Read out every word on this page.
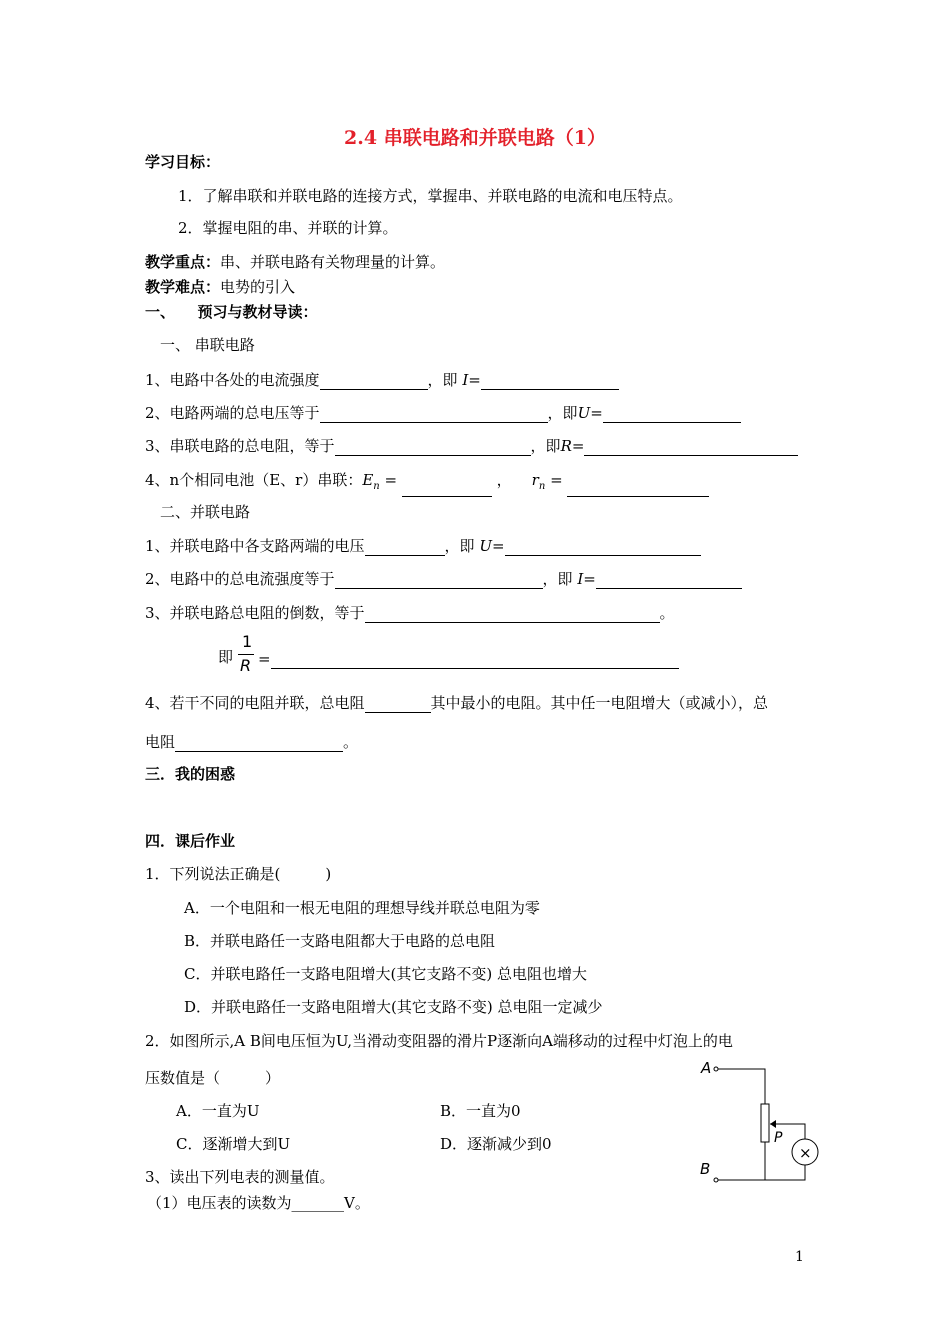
2.4 串联电路和并联电路（1）
学习目标：
1．了解串联和并联电路的连接方式，掌握串、并联电路的电流和电压特点。
2．掌握电阻的串、并联的计算。
教学重点：串、并联电路有关物理量的计算。
教学难点：电势的引入
一、　　预习与教材导读：
一、 串联电路
1、电路中各处的电流强度	，即 I=
2、电路两端的总电压等于	，即U=
3、串联电路的总电阻，等于	，即R=
4、n个相同电池（E、r）串联：$E_n$ =	， $r_n$ =
二、并联电路
1、并联电路中各支路两端的电压	，即 U=
2、电路中的总电流强度等于	，即 I=
3、并联电路总电阻的倒数，等于	。
即
1
R =
4、若干不同的电阻并联，总电阻	其中最小的电阻。其中任一电阻增大（或减小），总
电阻	。
三．我的困惑
四．课后作业
1．下列说法正确是(　　　)
A．一个电阻和一根无电阻的理想导线并联总电阻为零
B．并联电路任一支路电阻都大于电路的总电阻
C．并联电路任一支路电阻增大(其它支路不变) 总电阻也增大
D．并联电路任一支路电阻增大(其它支路不变) 总电阻一定减少
2．如图所示,A B间电压恒为U,当滑动变阻器的滑片P逐渐向A端移动的过程中灯泡上的电
压数值是（　　　）
A．一直为U	B．一直为0
C．逐渐增大到U	D．逐渐减少到0
3、读出下列电表的测量值。
（1）电压表的读数为_______V。
A
B
P
×
1
